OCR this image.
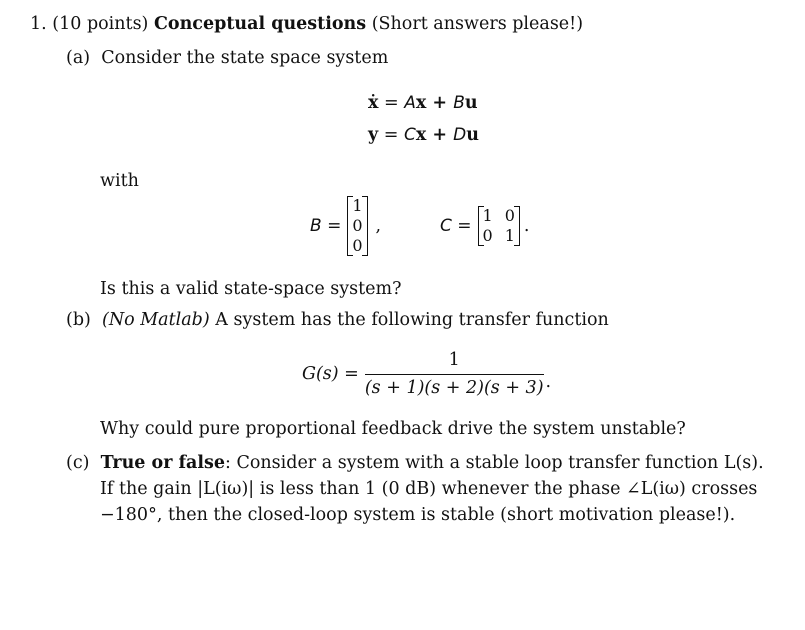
1. (10 points) Conceptual questions (Short answers please!)
(a) Consider the state space system
ẋ = Ax + Bu
y = Cx + Du
with
B =
1
0
0
,	C =
1
0
0
1 .
Is this a valid state-space system?
(b) (No Matlab) A system has the following transfer function
$G(s) = \frac{1}{(s + 1)(s + 2)(s + 3)}$ .
Why could pure proportional feedback drive the system unstable?
(c) True or false: Consider a system with a stable loop transfer function L(s).
If the gain |L(iω)| is less than 1 (0 dB) whenever the phase ∠L(iω) crosses
−180°, then the closed-loop system is stable (short motivation please!).
